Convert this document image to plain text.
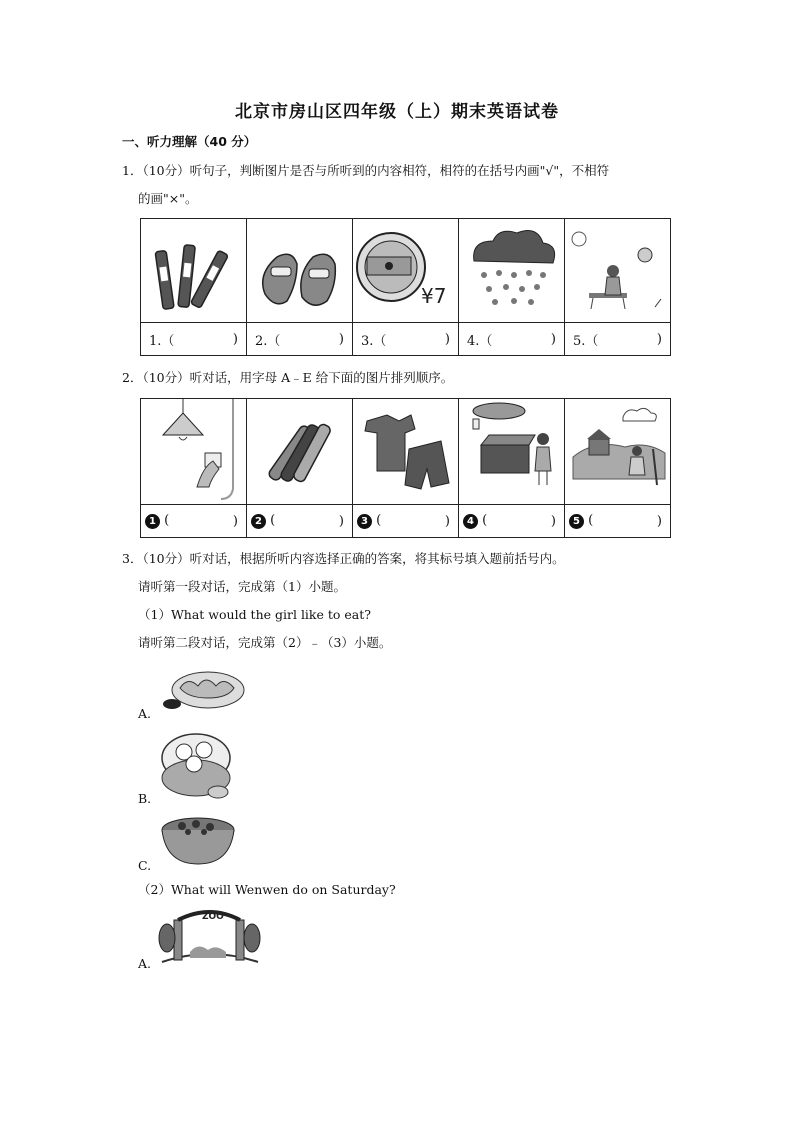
北京市房山区四年级（上）期末英语试卷
一、听力理解（40 分）
1．（10分）听句子，判断图片是否与所听到的内容相符，相符的在括号内画"√"，不相符
的画"×"。

¥7

1.（ )	2.（ )	3.（ )	4.（ )	5.（ )
2．（10分）听对话，用字母 A﹣E 给下面的图片排列顺序。

1 ( )	2 ( )	3 ( )	4 ( )	5 ( )
3．（10分）听对话，根据所听内容选择正确的答案，将其标号填入题前括号内。
请听第一段对话，完成第（1）小题。
（1）What would the girl like to eat?
请听第二段对话，完成第（2）﹣（3）小题。
A.
B.
C.
（2）What will Wenwen do on Saturday?
ZOO
A.
